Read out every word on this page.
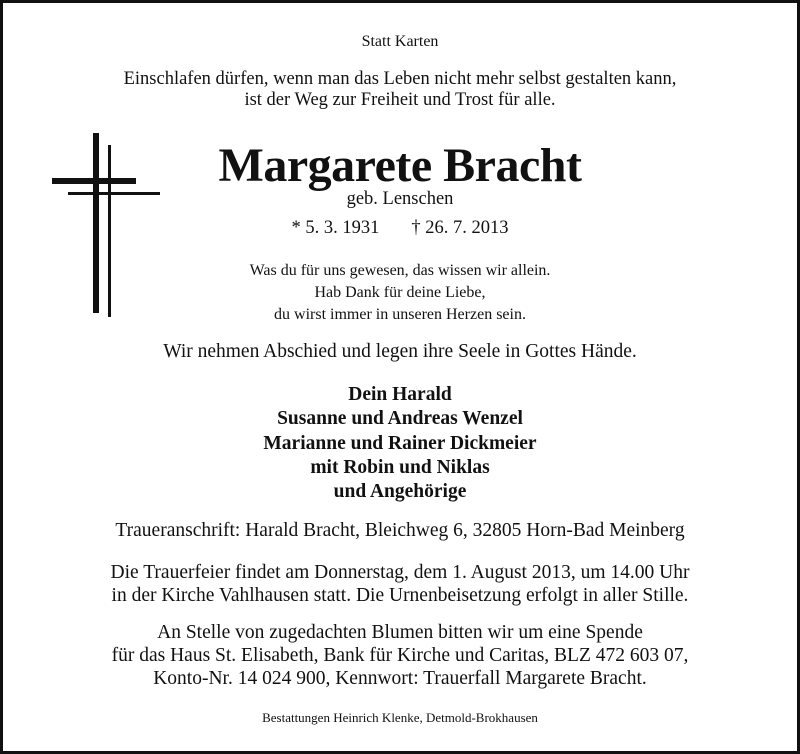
Statt Karten
Einschlafen dürfen, wenn man das Leben nicht mehr selbst gestalten kann,
ist der Weg zur Freiheit und Trost für alle.
Margarete Bracht
geb. Lenschen
* 5. 3. 1931 † 26. 7. 2013
Was du für uns gewesen, das wissen wir allein.
Hab Dank für deine Liebe,
du wirst immer in unseren Herzen sein.
Wir nehmen Abschied und legen ihre Seele in Gottes Hände.
Dein Harald
Susanne und Andreas Wenzel
Marianne und Rainer Dickmeier
mit Robin und Niklas
und Angehörige
Traueranschrift: Harald Bracht, Bleichweg 6, 32805 Horn-Bad Meinberg
Die Trauerfeier findet am Donnerstag, dem 1. August 2013, um 14.00 Uhr
in der Kirche Vahlhausen statt. Die Urnenbeisetzung erfolgt in aller Stille.
An Stelle von zugedachten Blumen bitten wir um eine Spende
für das Haus St. Elisabeth, Bank für Kirche und Caritas, BLZ 472 603 07,
Konto-Nr. 14 024 900, Kennwort: Trauerfall Margarete Bracht.
Bestattungen Heinrich Klenke, Detmold-Brokhausen
